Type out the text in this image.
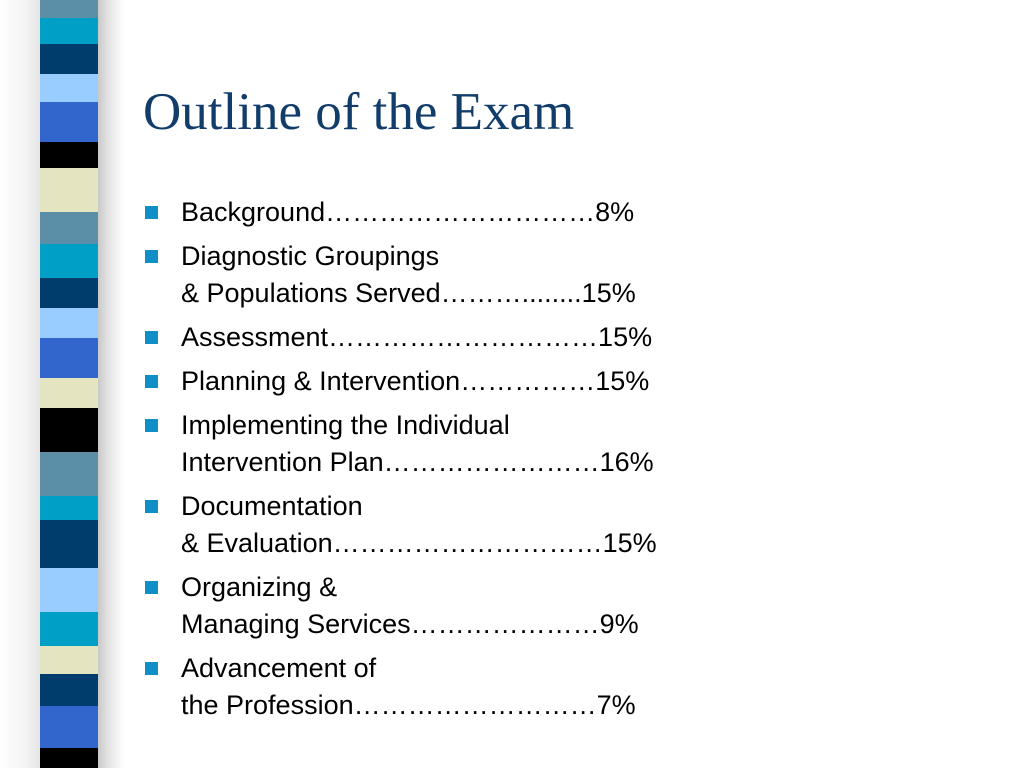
Outline of the Exam
Background…………………………8%
Diagnostic Groupings
& Populations Served………........15%
Assessment…………………………15%
Planning & Intervention……………15%
Implementing the Individual
Intervention Plan……………………16%
Documentation
& Evaluation…………………………15%
Organizing &
Managing Services…………………9%
Advancement of
the Profession………………………7%
